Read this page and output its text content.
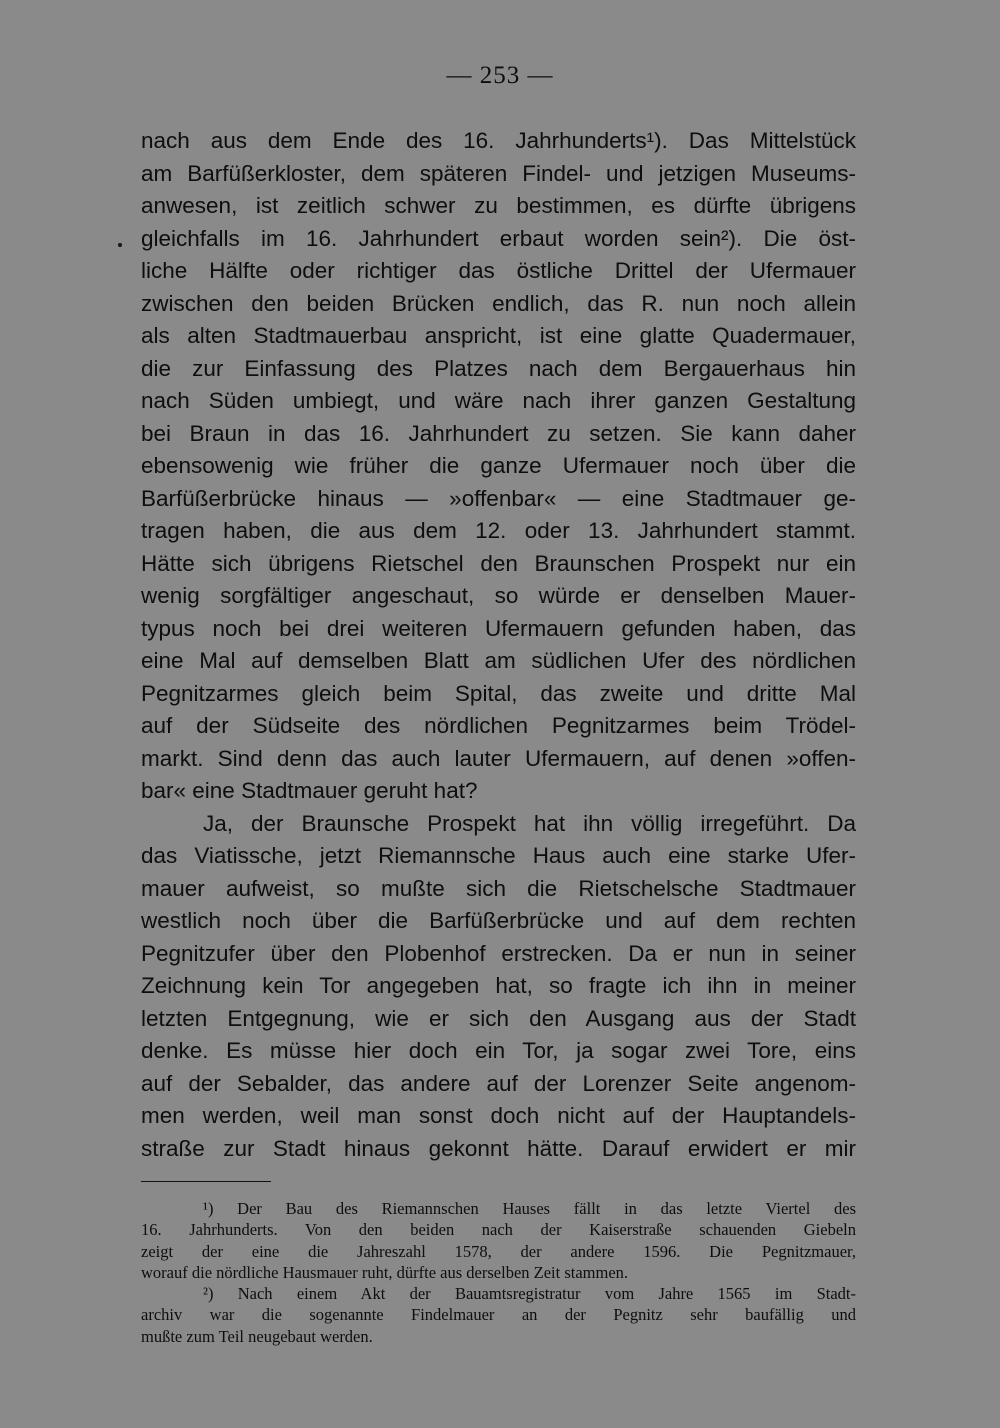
— 253 —
nach aus dem Ende des 16. Jahrhunderts¹). Das Mittelstück
am Barfüßerkloster, dem späteren Findel- und jetzigen Museums-
anwesen, ist zeitlich schwer zu bestimmen, es dürfte übrigens
gleichfalls im 16. Jahrhundert erbaut worden sein²). Die öst-
liche Hälfte oder richtiger das östliche Drittel der Ufermauer
zwischen den beiden Brücken endlich, das R. nun noch allein
als alten Stadtmauerbau anspricht, ist eine glatte Quadermauer,
die zur Einfassung des Platzes nach dem Bergauerhaus hin
nach Süden umbiegt, und wäre nach ihrer ganzen Gestaltung
bei Braun in das 16. Jahrhundert zu setzen. Sie kann daher
ebensowenig wie früher die ganze Ufermauer noch über die
Barfüßerbrücke hinaus — »offenbar« — eine Stadtmauer ge-
tragen haben, die aus dem 12. oder 13. Jahrhundert stammt.
Hätte sich übrigens Rietschel den Braunschen Prospekt nur ein
wenig sorgfältiger angeschaut, so würde er denselben Mauer-
typus noch bei drei weiteren Ufermauern gefunden haben, das
eine Mal auf demselben Blatt am südlichen Ufer des nördlichen
Pegnitzarmes gleich beim Spital, das zweite und dritte Mal
auf der Südseite des nördlichen Pegnitzarmes beim Trödel-
markt. Sind denn das auch lauter Ufermauern, auf denen »offen-
bar« eine Stadtmauer geruht hat?
Ja, der Braunsche Prospekt hat ihn völlig irregeführt. Da
das Viatissche, jetzt Riemannsche Haus auch eine starke Ufer-
mauer aufweist, so mußte sich die Rietschelsche Stadtmauer
westlich noch über die Barfüßerbrücke und auf dem rechten
Pegnitzufer über den Plobenhof erstrecken. Da er nun in seiner
Zeichnung kein Tor angegeben hat, so fragte ich ihn in meiner
letzten Entgegnung, wie er sich den Ausgang aus der Stadt
denke. Es müsse hier doch ein Tor, ja sogar zwei Tore, eins
auf der Sebalder, das andere auf der Lorenzer Seite angenom-
men werden, weil man sonst doch nicht auf der Hauptandels-
straße zur Stadt hinaus gekonnt hätte. Darauf erwidert er mir
¹) Der Bau des Riemannschen Hauses fällt in das letzte Viertel des
16. Jahrhunderts. Von den beiden nach der Kaiserstraße schauenden Giebeln
zeigt der eine die Jahreszahl 1578, der andere 1596. Die Pegnitzmauer,
worauf die nördliche Hausmauer ruht, dürfte aus derselben Zeit stammen.
²) Nach einem Akt der Bauamtsregistratur vom Jahre 1565 im Stadt-
archiv war die sogenannte Findelmauer an der Pegnitz sehr baufällig und
mußte zum Teil neugebaut werden.
